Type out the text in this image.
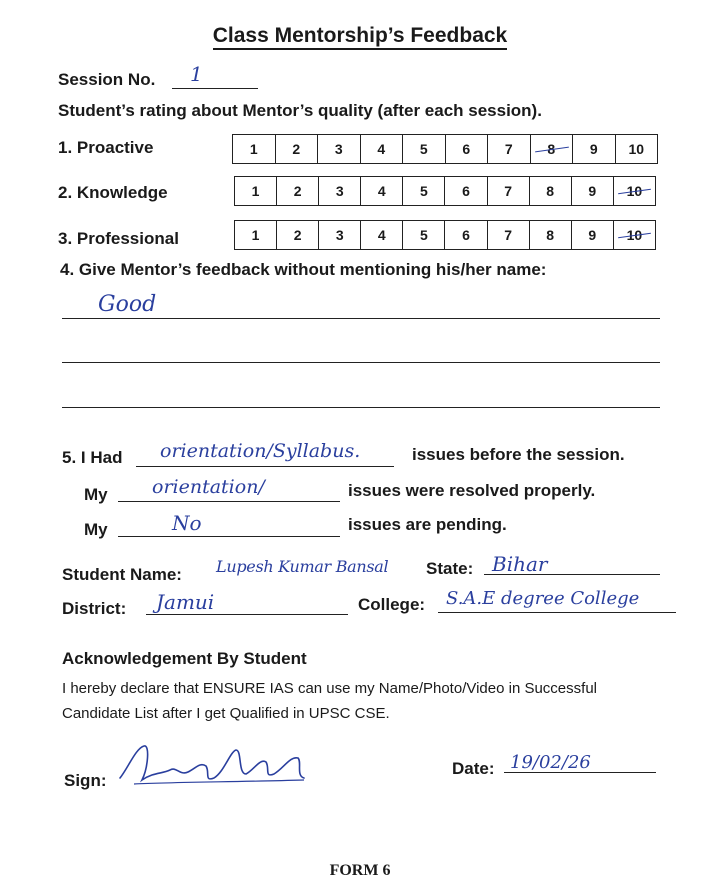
Class Mentorship’s Feedback
Session No. 1
Student’s rating about Mentor’s quality (after each session).
1. Proactive	1	2	3	4	5	6	7	8	9	10
2. Knowledge	1	2	3	4	5	6	7	8	9	10
3. Professional	1	2	3	4	5	6	7	8	9	10
4. Give Mentor’s feedback without mentioning his/her name:
Good
5. I Had orientation/Syllabus.	issues before the session.
My orientation/	issues were resolved properly.
My	No	issues are pending.
Student Name: Lupesh Kumar Bansal State: Bihar
District: Jamui	College: S.A.E degree College
Acknowledgement By Student
I hereby declare that ENSURE IAS can use my Name/Photo/Video in Successful
Candidate List after I get Qualified in UPSC CSE.
Sign:
Date: 19/02/26
FORM 6
